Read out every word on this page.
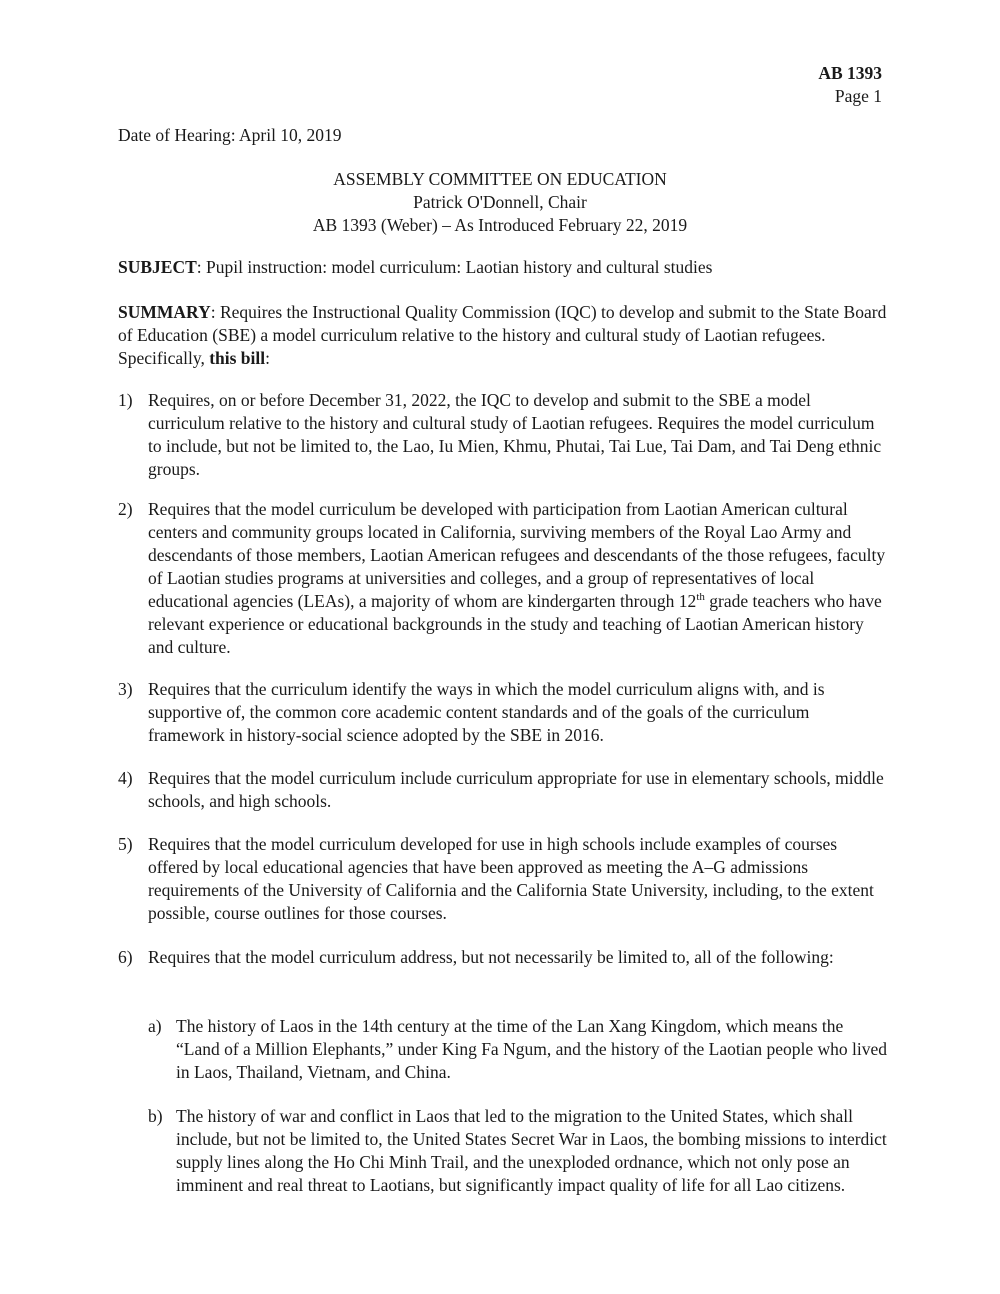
AB 1393
Page 1
Date of Hearing: April 10, 2019
ASSEMBLY COMMITTEE ON EDUCATION
Patrick O'Donnell, Chair
AB 1393 (Weber) – As Introduced February 22, 2019
SUBJECT: Pupil instruction: model curriculum: Laotian history and cultural studies
SUMMARY: Requires the Instructional Quality Commission (IQC) to develop and submit to the State Board of Education (SBE) a model curriculum relative to the history and cultural study of Laotian refugees. Specifically, this bill:
1) Requires, on or before December 31, 2022, the IQC to develop and submit to the SBE a model curriculum relative to the history and cultural study of Laotian refugees. Requires the model curriculum to include, but not be limited to, the Lao, Iu Mien, Khmu, Phutai, Tai Lue, Tai Dam, and Tai Deng ethnic groups.
2) Requires that the model curriculum be developed with participation from Laotian American cultural centers and community groups located in California, surviving members of the Royal Lao Army and descendants of those members, Laotian American refugees and descendants of the those refugees, faculty of Laotian studies programs at universities and colleges, and a group of representatives of local educational agencies (LEAs), a majority of whom are kindergarten through 12th grade teachers who have relevant experience or educational backgrounds in the study and teaching of Laotian American history and culture.
3) Requires that the curriculum identify the ways in which the model curriculum aligns with, and is supportive of, the common core academic content standards and of the goals of the curriculum framework in history-social science adopted by the SBE in 2016.
4) Requires that the model curriculum include curriculum appropriate for use in elementary schools, middle schools, and high schools.
5) Requires that the model curriculum developed for use in high schools include examples of courses offered by local educational agencies that have been approved as meeting the A–G admissions requirements of the University of California and the California State University, including, to the extent possible, course outlines for those courses.
6) Requires that the model curriculum address, but not necessarily be limited to, all of the following:
a) The history of Laos in the 14th century at the time of the Lan Xang Kingdom, which means the “Land of a Million Elephants,” under King Fa Ngum, and the history of the Laotian people who lived in Laos, Thailand, Vietnam, and China.
b) The history of war and conflict in Laos that led to the migration to the United States, which shall include, but not be limited to, the United States Secret War in Laos, the bombing missions to interdict supply lines along the Ho Chi Minh Trail, and the unexploded ordnance, which not only pose an imminent and real threat to Laotians, but significantly impact quality of life for all Lao citizens.
